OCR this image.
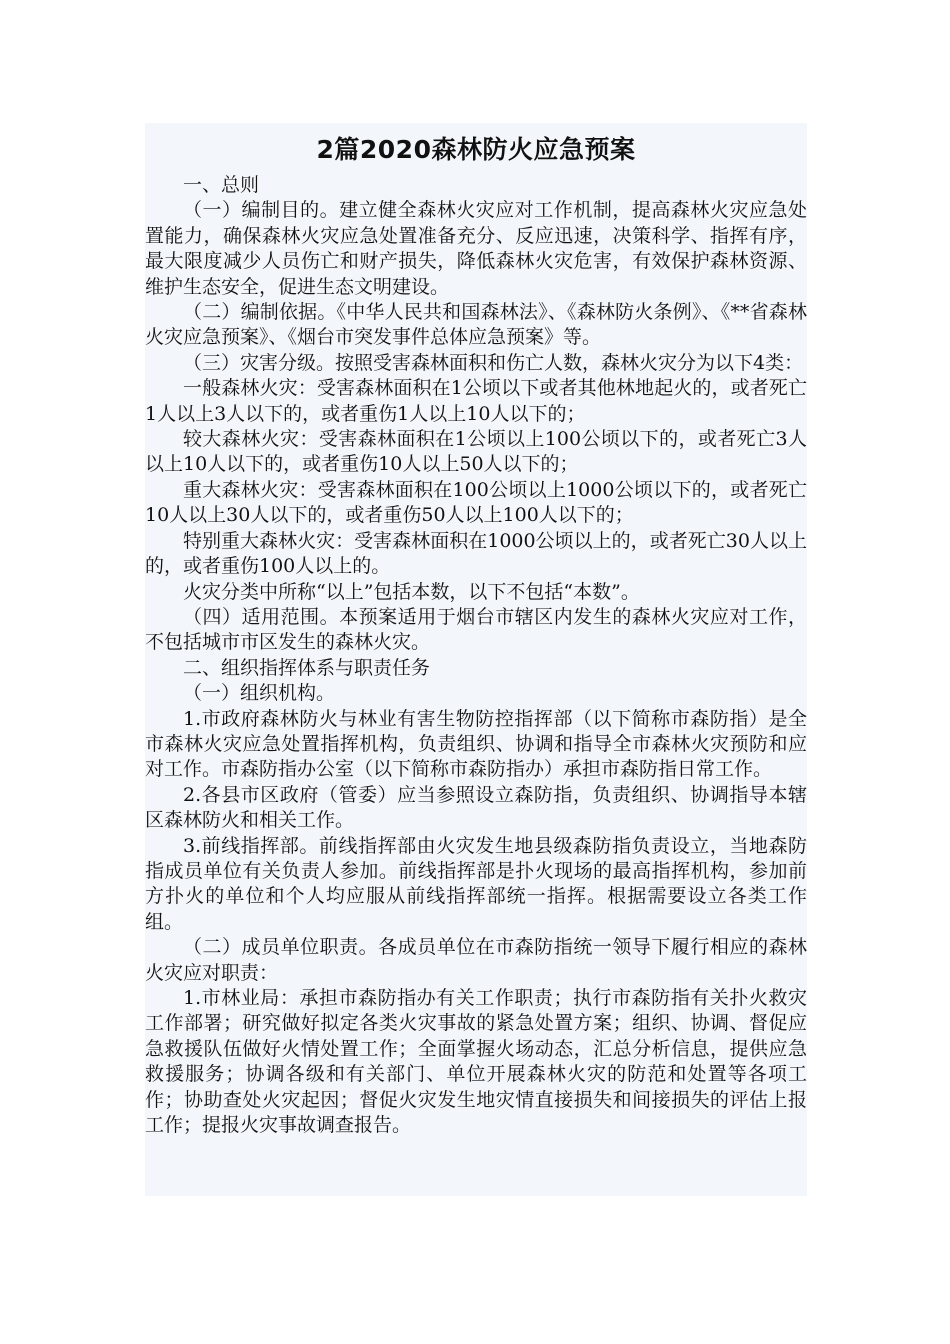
2篇2020森林防火应急预案

一、总则

（一）编制目的。建立健全森林火灾应对工作机制，提高森林火灾应急处置能力，确保森林火灾应急处置准备充分、反应迅速，决策科学、指挥有序，最大限度减少人员伤亡和财产损失，降低森林火灾危害，有效保护森林资源、维护生态安全，促进生态文明建设。

（二）编制依据。《中华人民共和国森林法》、《森林防火条例》、《**省森林火灾应急预案》、《烟台市突发事件总体应急预案》等。

（三）灾害分级。按照受害森林面积和伤亡人数，森林火灾分为以下4类：

一般森林火灾：受害森林面积在1公顷以下或者其他林地起火的，或者死亡1人以上3人以下的，或者重伤1人以上10人以下的；

较大森林火灾：受害森林面积在1公顷以上100公顷以下的，或者死亡3人以上10人以下的，或者重伤10人以上50人以下的；

重大森林火灾：受害森林面积在100公顷以上1000公顷以下的，或者死亡10人以上30人以下的，或者重伤50人以上100人以下的；

特别重大森林火灾：受害森林面积在1000公顷以上的，或者死亡30人以上的，或者重伤100人以上的。

火灾分类中所称“以上”包括本数，以下不包括“本数”。

（四）适用范围。本预案适用于烟台市辖区内发生的森林火灾应对工作，不包括城市市区发生的森林火灾。

二、组织指挥体系与职责任务

（一）组织机构。

1.市政府森林防火与林业有害生物防控指挥部（以下简称市森防指）是全市森林火灾应急处置指挥机构，负责组织、协调和指导全市森林火灾预防和应对工作。市森防指办公室（以下简称市森防指办）承担市森防指日常工作。

2.各县市区政府（管委）应当参照设立森防指，负责组织、协调指导本辖区森林防火和相关工作。

3.前线指挥部。前线指挥部由火灾发生地县级森防指负责设立，当地森防指成员单位有关负责人参加。前线指挥部是扑火现场的最高指挥机构，参加前方扑火的单位和个人均应服从前线指挥部统一指挥。根据需要设立各类工作组。

（二）成员单位职责。各成员单位在市森防指统一领导下履行相应的森林火灾应对职责：

1.市林业局：承担市森防指办有关工作职责；执行市森防指有关扑火救灾工作部署；研究做好拟定各类火灾事故的紧急处置方案；组织、协调、督促应急救援队伍做好火情处置工作；全面掌握火场动态，汇总分析信息，提供应急救援服务；协调各级和有关部门、单位开展森林火灾的防范和处置等各项工作；协助查处火灾起因；督促火灾发生地灾情直接损失和间接损失的评估上报工作；提报火灾事故调查报告。
